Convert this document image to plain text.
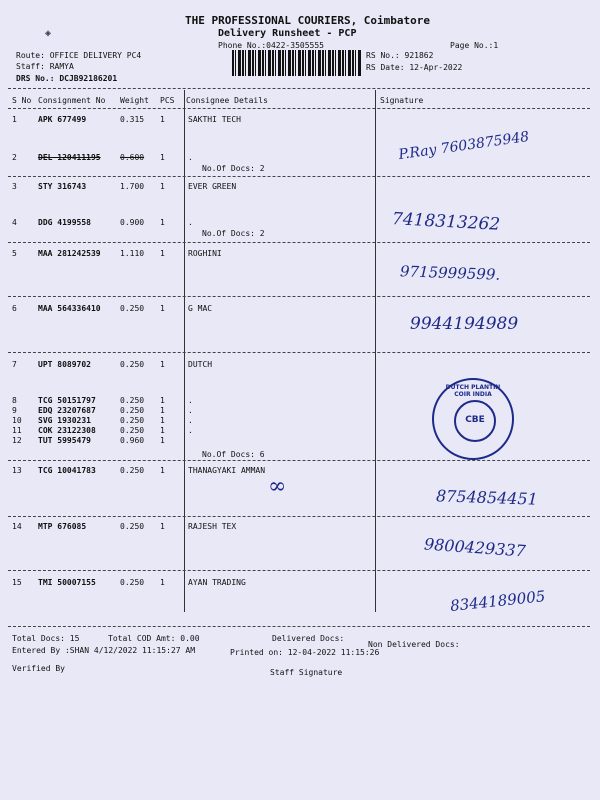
◈
THE PROFESSIONAL COURIERS, Coimbatore
Delivery Runsheet - PCP
Phone No.:0422-3505555	Page No.:1
Route: OFFICE DELIVERY PC4
Staff: RAMYA
DRS No.: DCJB92186201
RS No.: 921862
RS Date: 12-Apr-2022
S No Consignment No Weight PCS Consignee Details	Signature
1	APK 677499	0.315 1	SAKTHI TECH
2	DEL 120411195 0.600 1	.
No.Of Docs: 2
3	STY 316743	1.700 1	EVER GREEN
4	DDG 4199558	0.900 1	.
No.Of Docs: 2
5	MAA 281242539 1.110 1	ROGHINI
6	MAA 564336410 0.250 1	G MAC
7	UPT 8089702	0.250 1	DUTCH
8	TCG 50151797	0.250 1	.
9	EDQ 23207687	0.250 1	.
10 SVG 1930231	0.250 1	.
11 COK 23122308	0.250 1	.
12 TUT 5995479	0.960 1
No.Of Docs: 6
13 TCG 10041783	0.250 1	THANAGYAKI AMMAN
14 MTP 676085	0.250 1	RAJESH TEX
15 TMI 50007155	0.250 1	AYAN TRADING
P.Ray 7603875948
7418313262
9715999599.
9944194989
8754854451
9800429337
8344189005
∞
DUTCH PLANTIN COIR INDIA
CBE
Total Docs: 15	Total COD Amt: 0.00	Delivered Docs:
Non Delivered Docs:
Entered By :SHAN 4/12/2022 11:15:27 AM	Printed on: 12-04-2022 11:15:26
Verified By	Staff Signature
